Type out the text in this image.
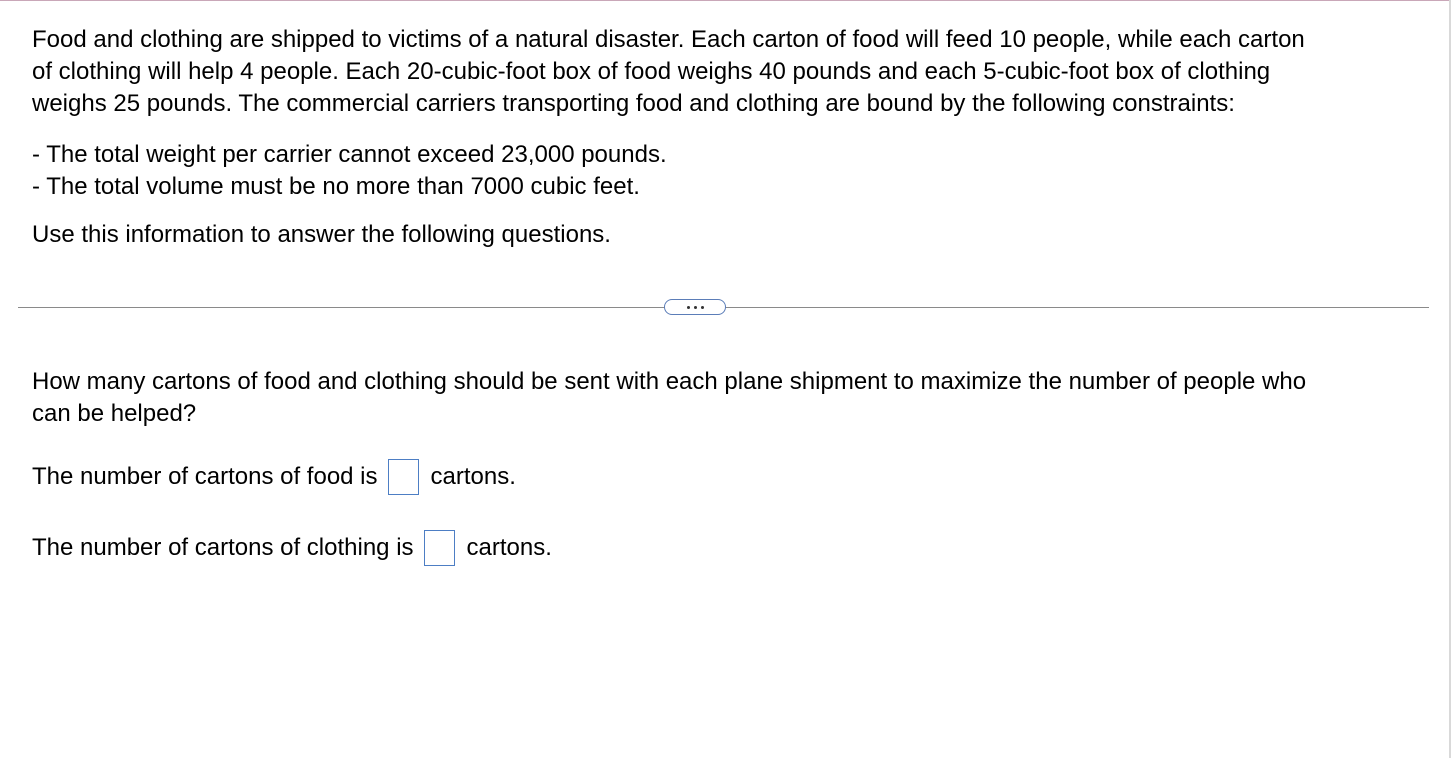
Food and clothing are shipped to victims of a natural disaster. Each carton of food will feed 10 people, while each carton

of clothing will help 4 people. Each 20-cubic-foot box of food weighs 40 pounds and each 5-cubic-foot box of clothing

weighs 25 pounds. The commercial carriers transporting food and clothing are bound by the following constraints:

- The total weight per carrier cannot exceed 23,000 pounds.

- The total volume must be no more than 7000 cubic feet.

Use this information to answer the following questions.

How many cartons of food and clothing should be sent with each plane shipment to maximize the number of people who

can be helped?

The number of cartons of food is cartons.
The number of cartons of clothing is cartons.
